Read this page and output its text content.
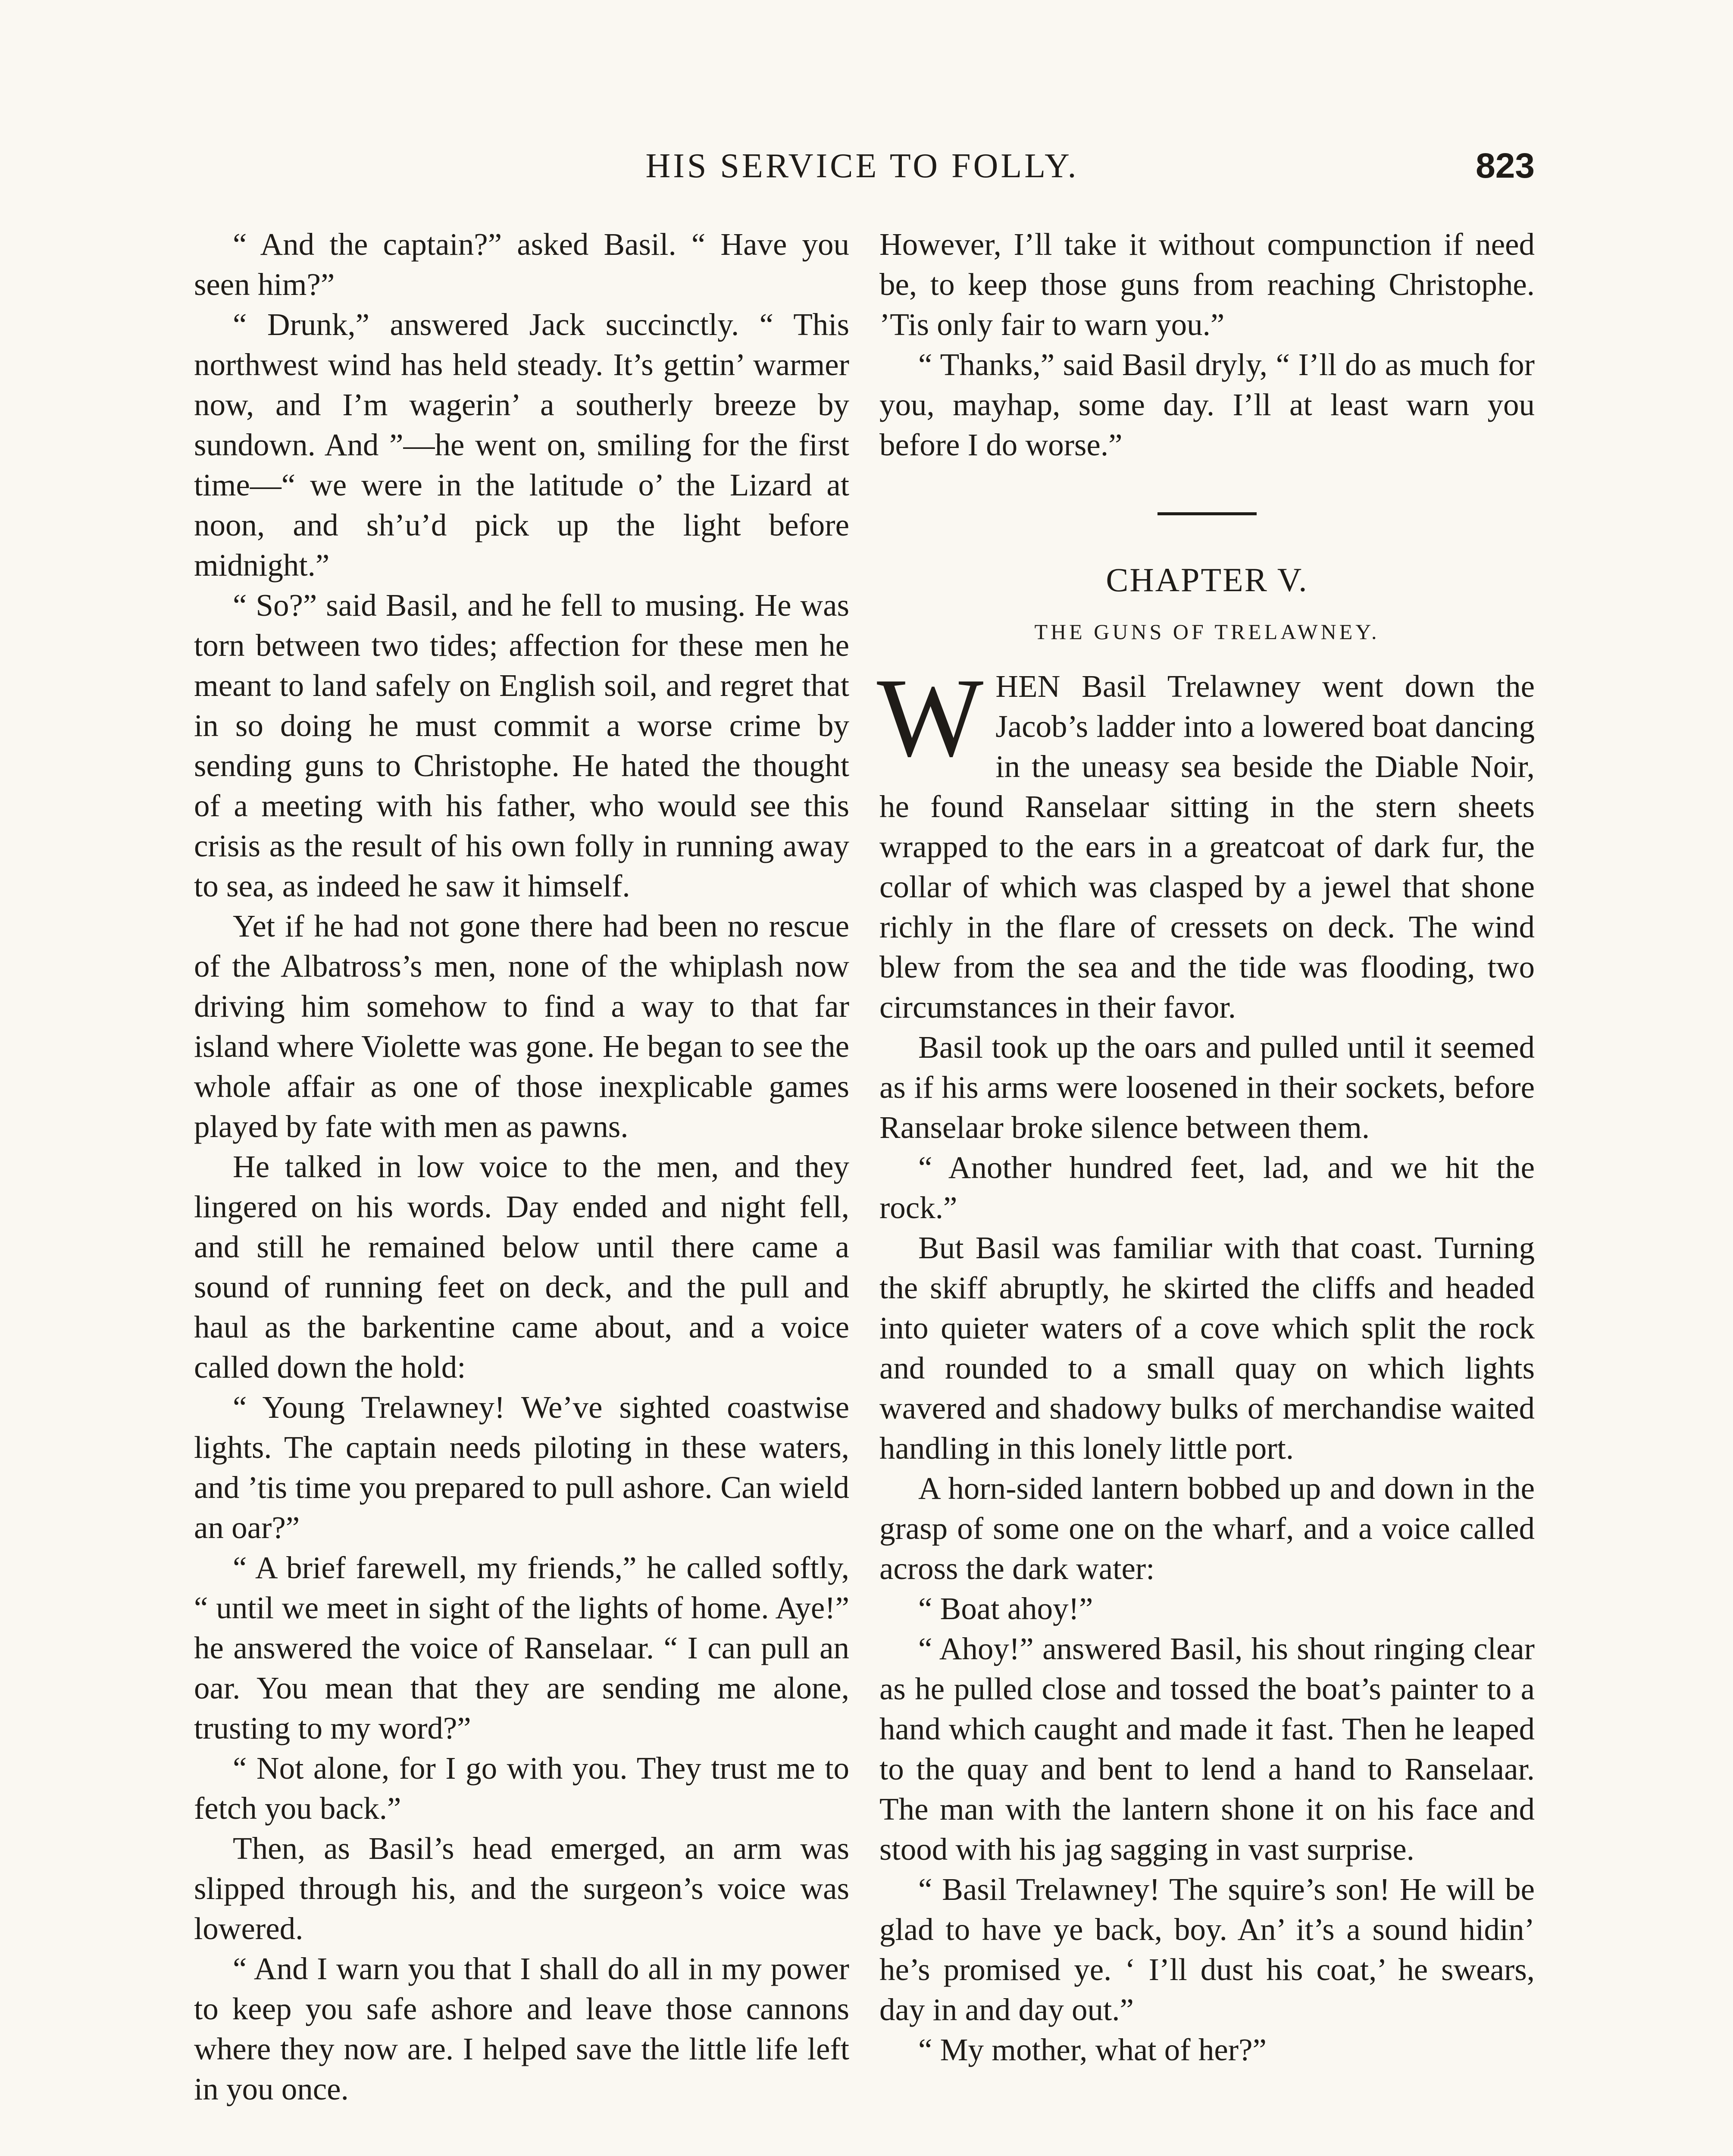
HIS SERVICE TO FOLLY.	823

“ And the captain?” asked Basil. “ Have you seen him?”

“ Drunk,” answered Jack succinctly. “ This northwest wind has held steady. It’s gettin’ warmer now, and I’m wagerin’ a southerly breeze by sundown. And ”—he went on, smiling for the first time—“ we were in the latitude o’ the Lizard at noon, and sh’u’d pick up the light before midnight.”

“ So?” said Basil, and he fell to musing. He was torn between two tides; affection for these men he meant to land safely on English soil, and regret that in so doing he must commit a worse crime by sending guns to Christophe. He hated the thought of a meeting with his father, who would see this crisis as the result of his own folly in running away to sea, as indeed he saw it himself.

Yet if he had not gone there had been no rescue of the Albatross’s men, none of the whiplash now driving him somehow to find a way to that far island where Violette was gone. He began to see the whole affair as one of those inexplicable games played by fate with men as pawns.

He talked in low voice to the men, and they lingered on his words. Day ended and night fell, and still he remained below until there came a sound of running feet on deck, and the pull and haul as the barkentine came about, and a voice called down the hold:

“ Young Trelawney! We’ve sighted coastwise lights. The captain needs piloting in these waters, and ’tis time you prepared to pull ashore. Can wield an oar?”

“ A brief farewell, my friends,” he called softly, “ until we meet in sight of the lights of home. Aye!” he answered the voice of Ranselaar. “ I can pull an oar. You mean that they are sending me alone, trusting to my word?”

“ Not alone, for I go with you. They trust me to fetch you back.”

Then, as Basil’s head emerged, an arm was slipped through his, and the surgeon’s voice was lowered.

“ And I warn you that I shall do all in my power to keep you safe ashore and leave those cannons where they now are. I helped save the little life left in you once.

However, I’ll take it without compunction if need be, to keep those guns from reaching Christophe. ’Tis only fair to warn you.”

“ Thanks,” said Basil dryly, “ I’ll do as much for you, mayhap, some day. I’ll at least warn you before I do worse.”

CHAPTER V.
THE GUNS OF TRELAWNEY.

WHEN Basil Trelawney went down the Jacob’s ladder into a lowered boat dancing in the uneasy sea beside the Diable Noir, he found Ranselaar sitting in the stern sheets wrapped to the ears in a greatcoat of dark fur, the collar of which was clasped by a jewel that shone richly in the flare of cressets on deck. The wind blew from the sea and the tide was flooding, two circumstances in their favor.

Basil took up the oars and pulled until it seemed as if his arms were loosened in their sockets, before Ranselaar broke silence between them.

“ Another hundred feet, lad, and we hit the rock.”

But Basil was familiar with that coast. Turning the skiff abruptly, he skirted the cliffs and headed into quieter waters of a cove which split the rock and rounded to a small quay on which lights wavered and shadowy bulks of merchandise waited handling in this lonely little port.

A horn-sided lantern bobbed up and down in the grasp of some one on the wharf, and a voice called across the dark water:

“ Boat ahoy!”

“ Ahoy!” answered Basil, his shout ringing clear as he pulled close and tossed the boat’s painter to a hand which caught and made it fast. Then he leaped to the quay and bent to lend a hand to Ranselaar. The man with the lantern shone it on his face and stood with his jag sagging in vast surprise.

“ Basil Trelawney! The squire’s son! He will be glad to have ye back, boy. An’ it’s a sound hidin’ he’s promised ye. ‘ I’ll dust his coat,’ he swears, day in and day out.”

“ My mother, what of her?”
